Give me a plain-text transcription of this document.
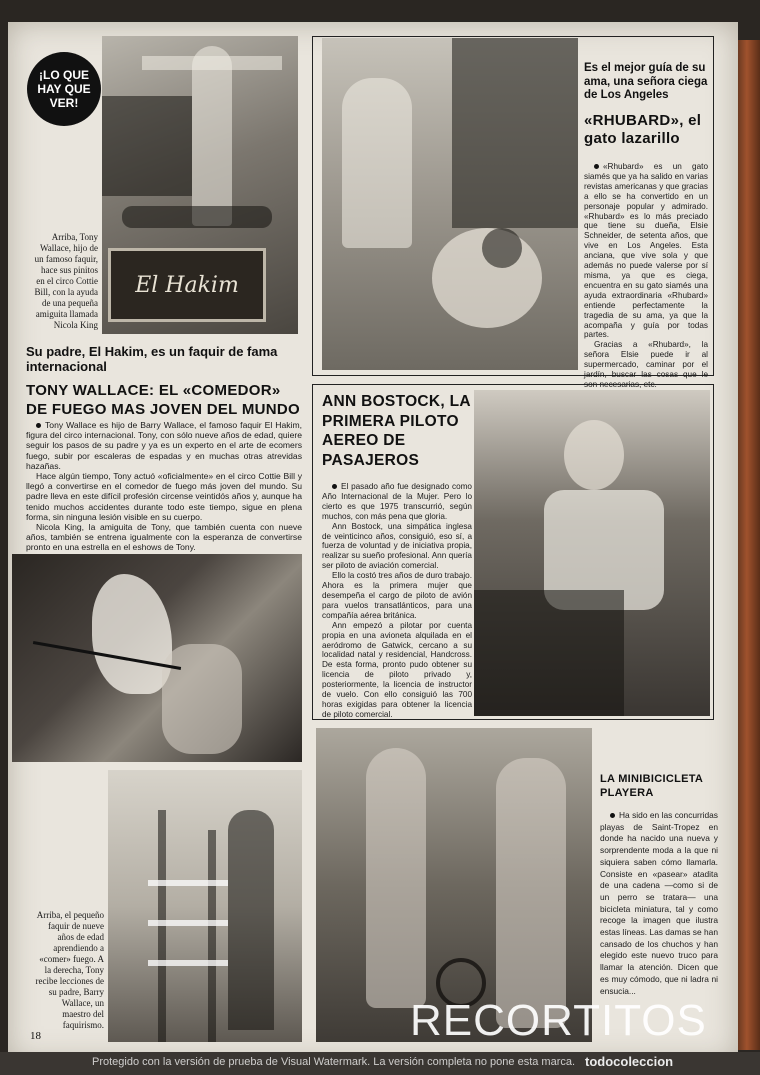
El Hakim
¡LO QUE HAY QUE VER!
Arriba, Tony Wallace, hijo de un famoso faquir, hace sus pinitos en el circo Cottie Bill, con la ayuda de una pequeña amiguita llamada Nicola King
Su padre, El Hakim, es un faquir de fama internacional
TONY WALLACE: EL «COMEDOR» DE FUEGO MAS JOVEN DEL MUNDO

Tony Wallace es hijo de Barry Wallace, el famoso faquir El Hakim, figura del circo internacional. Tony, con sólo nueve años de edad, quiere seguir los pasos de su padre y ya es un experto en el arte de ecomers fuego, subir por escaleras de espadas y en muchas otras atrevidas hazañas.

Hace algún tiempo, Tony actuó «oficialmente» en el circo Cottie Bill y llegó a convertirse en el comedor de fuego más joven del mundo. Su padre lleva en este difícil profesión circense veintidós años y, aunque ha tenido muchos accidentes durante todo este tiempo, sigue en plena forma, sin ninguna lesión visible en su cuerpo.

Nicola King, la amiguita de Tony, que también cuenta con nueve años, también se entrena igualmente con la esperanza de convertirse pronto en una estrella en el eshows de Tony.

Arriba, el pequeño faquir de nueve años de edad aprendiendo a «comer» fuego. A la derecha, Tony recibe lecciones de su padre, Barry Wallace, un maestro del faquirismo.
18
Es el mejor guía de su ama, una señora ciega de Los Angeles
«RHUBARD», el gato lazarillo

«Rhubard» es un gato siamés que ya ha salido en varias revistas americanas y que gracias a ello se ha convertido en un personaje popular y admirado. «Rhubard» es lo más preciado que tiene su dueña, Elsie Schneider, de setenta años, que vive en Los Angeles. Esta anciana, que vive sola y que además no puede valerse por sí misma, ya que es ciega, encuentra en su gato siamés una ayuda extraordinaria «Rhubard» entiende perfectamente la tragedia de su ama, ya que la acompaña y guía por todas partes.

Gracias a «Rhubard», la señora Elsie puede ir al supermercado, caminar por el jardín, buscar las cosas que le son necesarias, etc.

ANN BOSTOCK, LA PRIMERA PILOTO AEREO DE PASAJEROS

El pasado año fue designado como Año Internacional de la Mujer. Pero lo cierto es que 1975 transcurrió, según muchos, con más pena que gloria.

Ann Bostock, una simpática inglesa de veinticinco años, consiguió, eso sí, a fuerza de voluntad y de iniciativa propia, realizar su sueño profesional. Ann quería ser piloto de aviación comercial.

Ello la costó tres años de duro trabajo. Ahora es la primera mujer que desempeña el cargo de piloto de avión para vuelos transatlánticos, para una compañía aérea británica.

Ann empezó a pilotar por cuenta propia en una avioneta alquilada en el aeródromo de Gatwick, cercano a su localidad natal y residencial, Handcross. De esta forma, pronto pudo obtener su licencia de piloto privado y, posteriormente, la licencia de instructor de vuelo. Con ello consiguió las 700 horas exigidas para obtener la licencia de piloto comercial.

LA MINIBICICLETA PLAYERA

Ha sido en las concurridas playas de Saint-Tropez en donde ha nacido una nueva y sorprendente moda a la que ni siquiera saben cómo llamarla. Consiste en «pasear» atadita de una cadena —como si de un perro se tratara— una bicicleta miniatura, tal y como recoge la imagen que ilustra estas líneas. Las damas se han cansado de los chuchos y han elegido este nuevo truco para llamar la atención. Dicen que es muy cómodo, que ni ladra ni ensucia...

RECORTITOS
Protegido con la versión de prueba de Visual Watermark. La versión completa no pone esta marca. todocoleccion
